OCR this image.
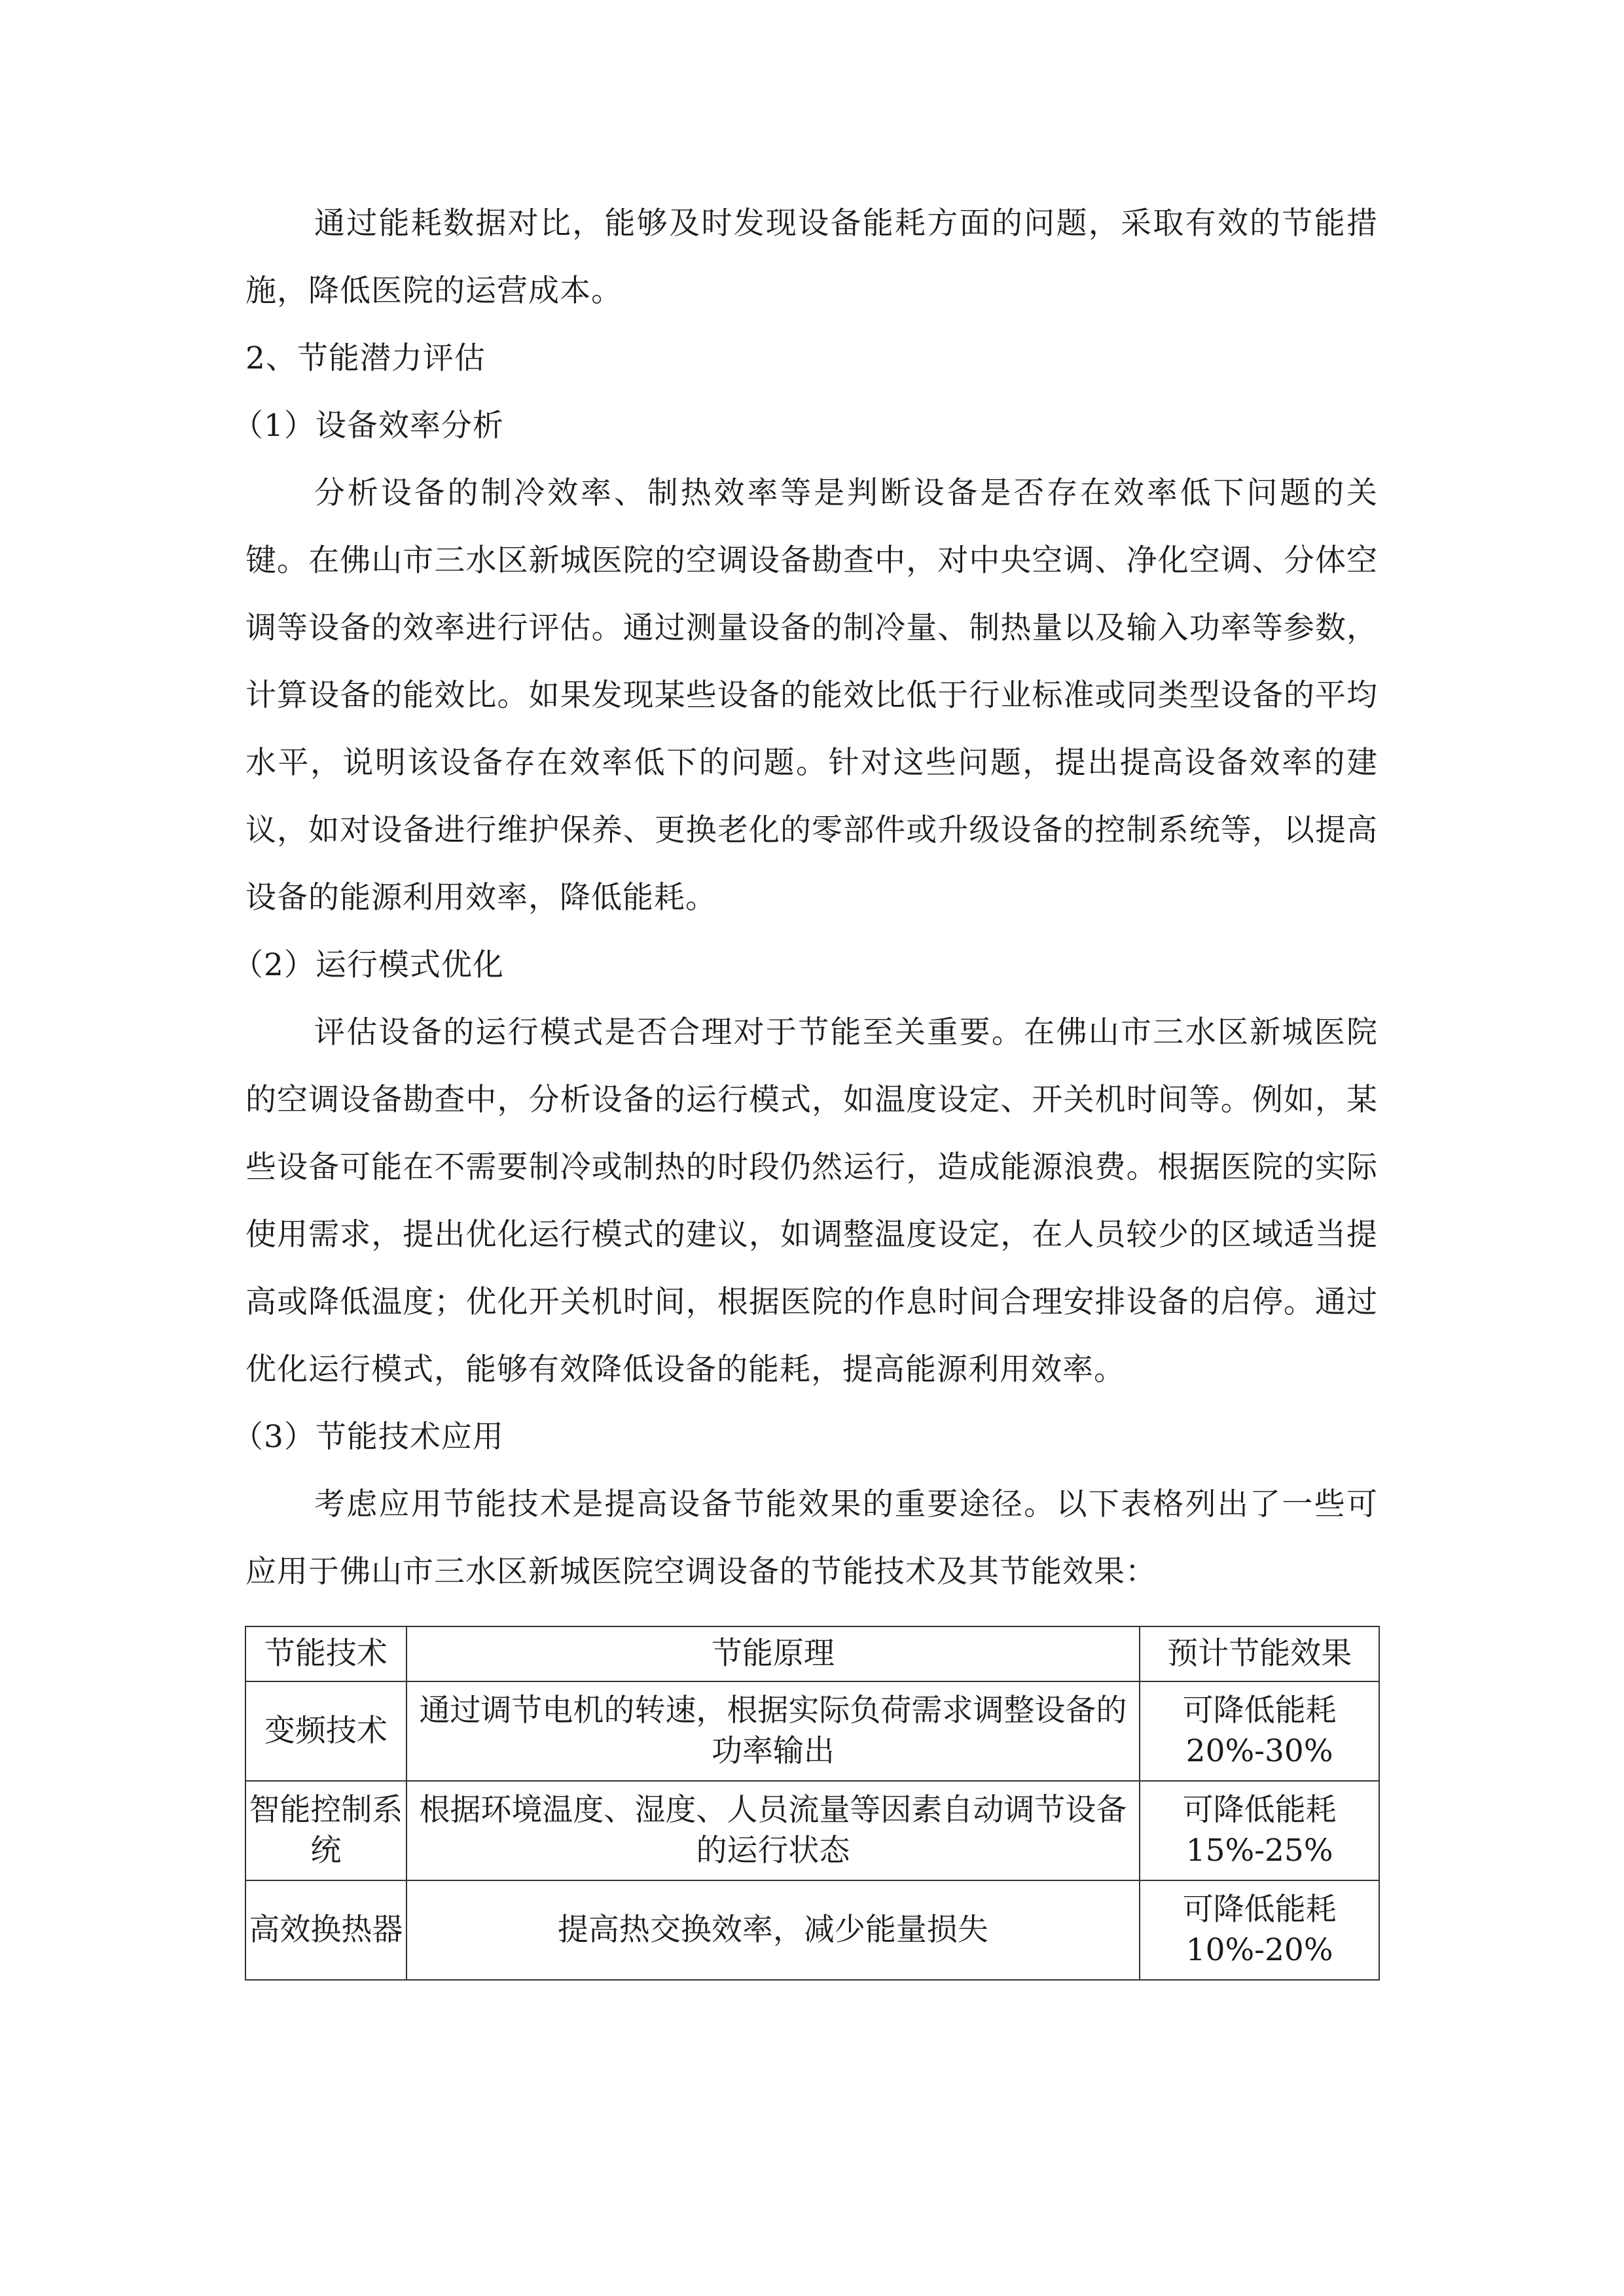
通过能耗数据对比，能够及时发现设备能耗方面的问题，采取有效的节能措施，降低医院的运营成本。

2、节能潜力评估

（1）设备效率分析

分析设备的制冷效率、制热效率等是判断设备是否存在效率低下问题的关键。在佛山市三水区新城医院的空调设备勘查中，对中央空调、净化空调、分体空调等设备的效率进行评估。通过测量设备的制冷量、制热量以及输入功率等参数，计算设备的能效比。如果发现某些设备的能效比低于行业标准或同类型设备的平均水平，说明该设备存在效率低下的问题。针对这些问题，提出提高设备效率的建议，如对设备进行维护保养、更换老化的零部件或升级设备的控制系统等，以提高设备的能源利用效率，降低能耗。

（2）运行模式优化

评估设备的运行模式是否合理对于节能至关重要。在佛山市三水区新城医院的空调设备勘查中，分析设备的运行模式，如温度设定、开关机时间等。例如，某些设备可能在不需要制冷或制热的时段仍然运行，造成能源浪费。根据医院的实际使用需求，提出优化运行模式的建议，如调整温度设定，在人员较少的区域适当提高或降低温度；优化开关机时间，根据医院的作息时间合理安排设备的启停。通过优化运行模式，能够有效降低设备的能耗，提高能源利用效率。

（3）节能技术应用

考虑应用节能技术是提高设备节能效果的重要途径。以下表格列出了一些可应用于佛山市三水区新城医院空调设备的节能技术及其节能效果：

节能技术	节能原理	预计节能效果
变频技术	通过调节电机的转速，根据实际负荷需求调整设备的功率输出	可降低能耗 20%-30%
智能控制系统	根据环境温度、湿度、人员流量等因素自动调节设备的运行状态	可降低能耗 15%-25%
高效换热器	提高热交换效率，减少能量损失	可降低能耗 10%-20%
